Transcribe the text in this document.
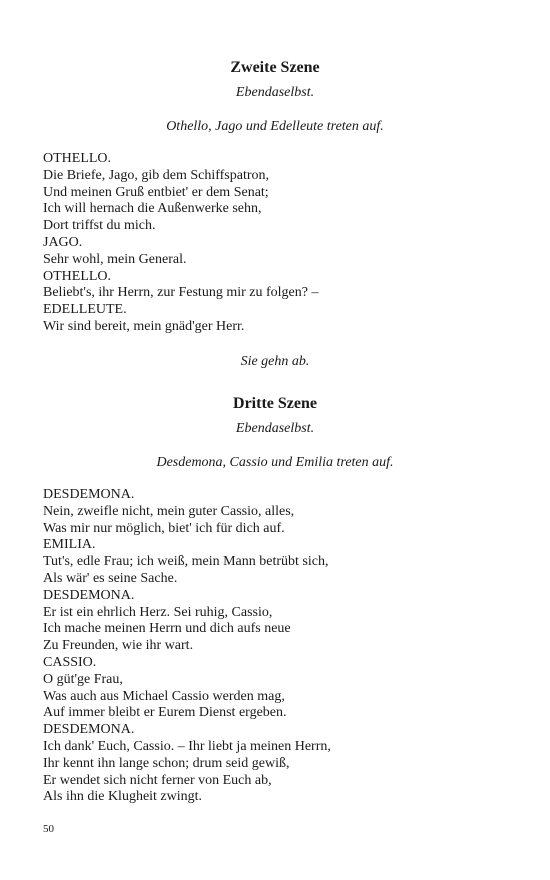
Zweite Szene

Ebendaselbst.

Othello, Jago und Edelleute treten auf.

OTHELLO.
Die Briefe, Jago, gib dem Schiffspatron,
Und meinen Gruß entbiet' er dem Senat;
Ich will hernach die Außenwerke sehn,
Dort triffst du mich.
JAGO.
Sehr wohl, mein General.
OTHELLO.
Beliebt's, ihr Herrn, zur Festung mir zu folgen? –
EDELLEUTE.
Wir sind bereit, mein gnäd'ger Herr.

Sie gehn ab.

Dritte Szene

Ebendaselbst.

Desdemona, Cassio und Emilia treten auf.

DESDEMONA.
Nein, zweifle nicht, mein guter Cassio, alles,
Was mir nur möglich, biet' ich für dich auf.
EMILIA.
Tut's, edle Frau; ich weiß, mein Mann betrübt sich,
Als wär' es seine Sache.
DESDEMONA.
Er ist ein ehrlich Herz. Sei ruhig, Cassio,
Ich mache meinen Herrn und dich aufs neue
Zu Freunden, wie ihr wart.
CASSIO.
O güt'ge Frau,
Was auch aus Michael Cassio werden mag,
Auf immer bleibt er Eurem Dienst ergeben.
DESDEMONA.
Ich dank' Euch, Cassio. – Ihr liebt ja meinen Herrn,
Ihr kennt ihn lange schon; drum seid gewiß,
Er wendet sich nicht ferner von Euch ab,
Als ihn die Klugheit zwingt.
50
